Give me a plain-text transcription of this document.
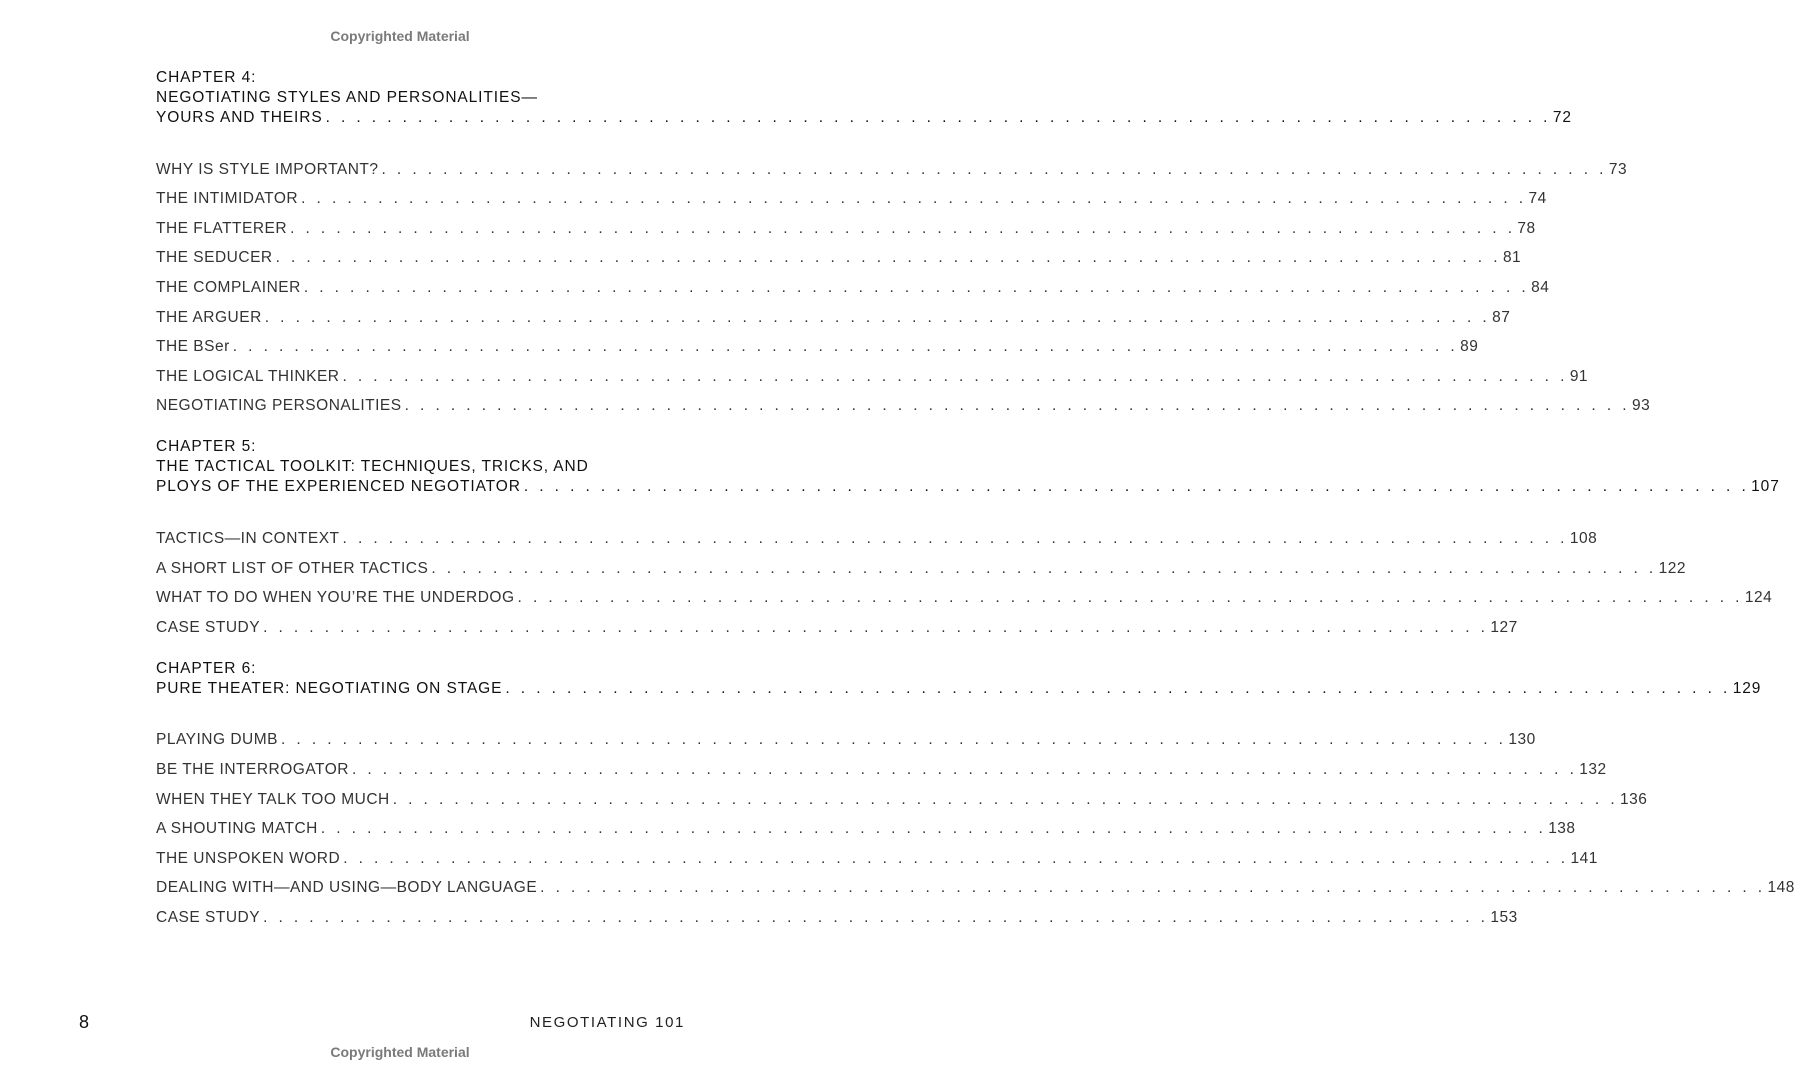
Copyrighted Material
CHAPTER 4:
NEGOTIATING STYLES AND PERSONALITIES—
YOURS AND THEIRS . . . . . . . . . . . . . . . . . . . . . . . . . . . . . . . . . . . . . . . . . . . . . . . . . . . . . . . . . . . . . . . . . . . . . . . . . . . . . . . . 72
WHY IS STYLE IMPORTANT? . . . . . . . . . . . . . . . . . . . . . . . . . . . . . . . . . . . . . . . . . . . . . . . . . . . . . . . . . . . . . . . . . . . . . . . . . . . . . . . . 73
THE INTIMIDATOR . . . . . . . . . . . . . . . . . . . . . . . . . . . . . . . . . . . . . . . . . . . . . . . . . . . . . . . . . . . . . . . . . . . . . . . . . . . . . . . . 74
THE FLATTERER . . . . . . . . . . . . . . . . . . . . . . . . . . . . . . . . . . . . . . . . . . . . . . . . . . . . . . . . . . . . . . . . . . . . . . . . . . . . . . . . 78
THE SEDUCER . . . . . . . . . . . . . . . . . . . . . . . . . . . . . . . . . . . . . . . . . . . . . . . . . . . . . . . . . . . . . . . . . . . . . . . . . . . . . . . . 81
THE COMPLAINER . . . . . . . . . . . . . . . . . . . . . . . . . . . . . . . . . . . . . . . . . . . . . . . . . . . . . . . . . . . . . . . . . . . . . . . . . . . . . . . . 84
THE ARGUER . . . . . . . . . . . . . . . . . . . . . . . . . . . . . . . . . . . . . . . . . . . . . . . . . . . . . . . . . . . . . . . . . . . . . . . . . . . . . . . . 87
THE BSer . . . . . . . . . . . . . . . . . . . . . . . . . . . . . . . . . . . . . . . . . . . . . . . . . . . . . . . . . . . . . . . . . . . . . . . . . . . . . . . . 89
THE LOGICAL THINKER . . . . . . . . . . . . . . . . . . . . . . . . . . . . . . . . . . . . . . . . . . . . . . . . . . . . . . . . . . . . . . . . . . . . . . . . . . . . . . . . 91
NEGOTIATING PERSONALITIES . . . . . . . . . . . . . . . . . . . . . . . . . . . . . . . . . . . . . . . . . . . . . . . . . . . . . . . . . . . . . . . . . . . . . . . . . . . . . . . . 93
CHAPTER 5:
THE TACTICAL TOOLKIT: TECHNIQUES, TRICKS, AND
PLOYS OF THE EXPERIENCED NEGOTIATOR . . . . . . . . . . . . . . . . . . . . . . . . . . . . . . . . . . . . . . . . . . . . . . . . . . . . . . . . . . . . . . . . . . . . . . . . . . . . . . . . 107
TACTICS—IN CONTEXT . . . . . . . . . . . . . . . . . . . . . . . . . . . . . . . . . . . . . . . . . . . . . . . . . . . . . . . . . . . . . . . . . . . . . . . . . . . . . . . . 108
A SHORT LIST OF OTHER TACTICS . . . . . . . . . . . . . . . . . . . . . . . . . . . . . . . . . . . . . . . . . . . . . . . . . . . . . . . . . . . . . . . . . . . . . . . . . . . . . . . . 122
WHAT TO DO WHEN YOU’RE THE UNDERDOG . . . . . . . . . . . . . . . . . . . . . . . . . . . . . . . . . . . . . . . . . . . . . . . . . . . . . . . . . . . . . . . . . . . . . . . . . . . . . . . . 124
CASE STUDY . . . . . . . . . . . . . . . . . . . . . . . . . . . . . . . . . . . . . . . . . . . . . . . . . . . . . . . . . . . . . . . . . . . . . . . . . . . . . . . . 127
CHAPTER 6:
PURE THEATER: NEGOTIATING ON STAGE . . . . . . . . . . . . . . . . . . . . . . . . . . . . . . . . . . . . . . . . . . . . . . . . . . . . . . . . . . . . . . . . . . . . . . . . . . . . . . . . 129
PLAYING DUMB . . . . . . . . . . . . . . . . . . . . . . . . . . . . . . . . . . . . . . . . . . . . . . . . . . . . . . . . . . . . . . . . . . . . . . . . . . . . . . . . 130
BE THE INTERROGATOR . . . . . . . . . . . . . . . . . . . . . . . . . . . . . . . . . . . . . . . . . . . . . . . . . . . . . . . . . . . . . . . . . . . . . . . . . . . . . . . . 132
WHEN THEY TALK TOO MUCH . . . . . . . . . . . . . . . . . . . . . . . . . . . . . . . . . . . . . . . . . . . . . . . . . . . . . . . . . . . . . . . . . . . . . . . . . . . . . . . . 136
A SHOUTING MATCH . . . . . . . . . . . . . . . . . . . . . . . . . . . . . . . . . . . . . . . . . . . . . . . . . . . . . . . . . . . . . . . . . . . . . . . . . . . . . . . . 138
THE UNSPOKEN WORD . . . . . . . . . . . . . . . . . . . . . . . . . . . . . . . . . . . . . . . . . . . . . . . . . . . . . . . . . . . . . . . . . . . . . . . . . . . . . . . . 141
DEALING WITH—AND USING—BODY LANGUAGE . . . . . . . . . . . . . . . . . . . . . . . . . . . . . . . . . . . . . . . . . . . . . . . . . . . . . . . . . . . . . . . . . . . . . . . . . . . . . . . . 148
CASE STUDY . . . . . . . . . . . . . . . . . . . . . . . . . . . . . . . . . . . . . . . . . . . . . . . . . . . . . . . . . . . . . . . . . . . . . . . . . . . . . . . . 153
8	NEGOTIATING 101
Copyrighted Material
